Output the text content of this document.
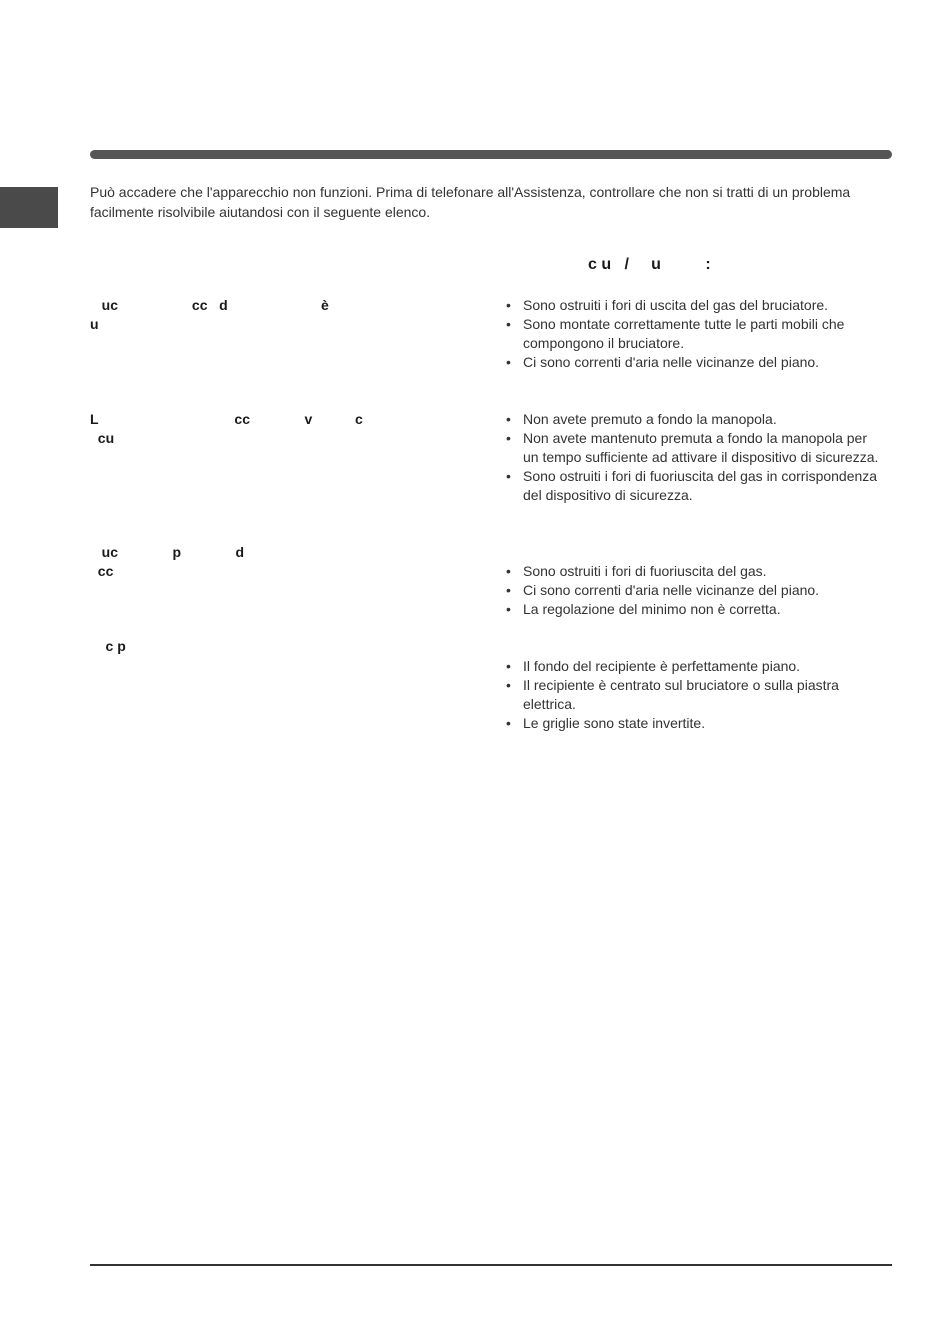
Può accadere che l'apparecchio non funzioni. Prima di telefonare all'Assistenza, controllare che non si tratti di un problema facilmente risolvibile aiutandosi con il seguente elenco.

c u   /     u          :
uc                   cc   d                        è
u
• Sono ostruiti i fori di uscita del gas del bruciatore.
• Sono montate correttamente tutte le parti mobili che compongono il bruciatore.
• Ci sono correnti d'aria nelle vicinanze del piano.
L                                   cc              v           c
cu
• Non avete premuto a fondo la manopola.
• Non avete mantenuto premuta a fondo la manopola per un tempo sufficiente ad attivare il dispositivo di sicurezza.
• Sono ostruiti i fori di fuoriuscita del gas in corrispondenza del dispositivo di sicurezza.
uc              p              d
cc	• Sono ostruiti i fori di fuoriuscita del gas.
• Ci sono correnti d'aria nelle vicinanze del piano.
• La regolazione del minimo non è corretta.
c p
• Il fondo del recipiente è perfettamente piano.
• Il recipiente è centrato sul bruciatore o sulla piastra elettrica.
• Le griglie sono state invertite.
